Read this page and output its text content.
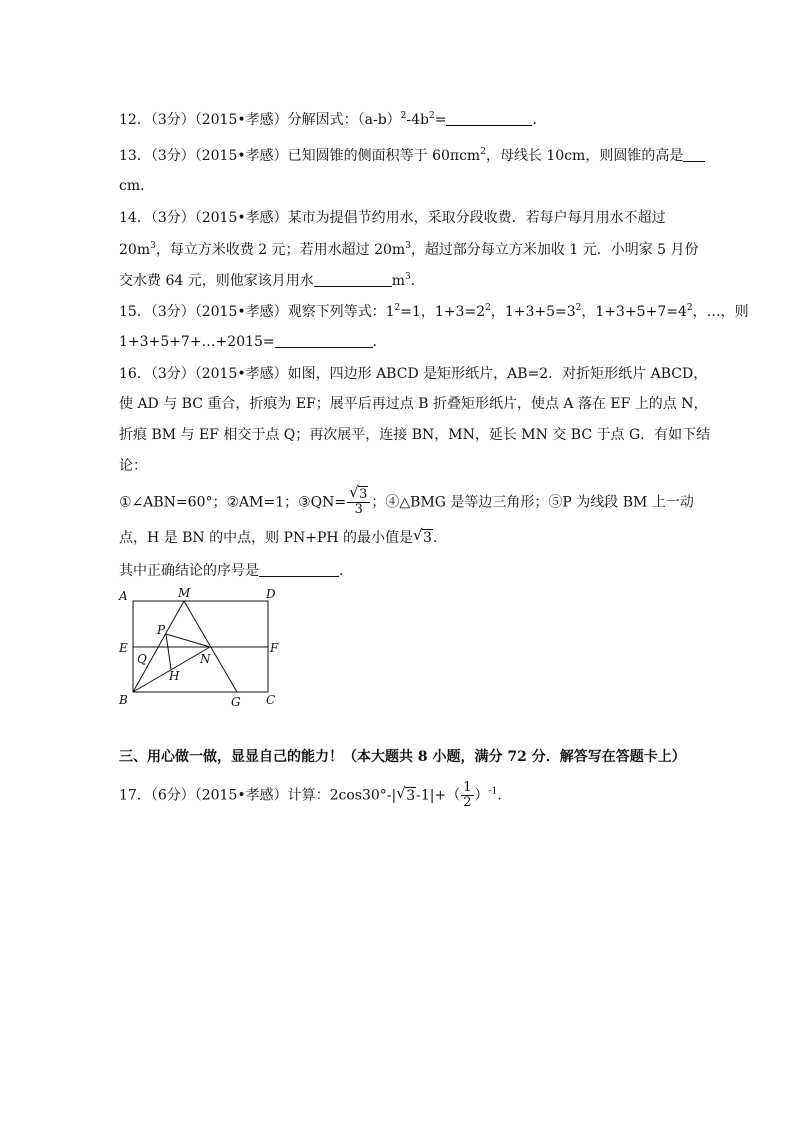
12．（3分）（2015•孝感）分解因式：$(a-b)^2-4b^2=$	．
13．（3分）（2015•孝感）已知圆锥的侧面积等于 60πcm$^2$，母线长 10cm，则圆锥的高是
cm．
14．（3分）（2015•孝感）某市为提倡节约用水，采取分段收费．若每户每月用水不超过
$20m^3$，每立方米收费 2 元；若用水超过 $20m^3$，超过部分每立方米加收 1 元．小明家 5 月份
交水费 64 元，则他家该月用水	$m^3$．
15．（3分）（2015•孝感）观察下列等式：$1^2=1$，$1+3=2^2$，$1+3+5=3^2$，$1+3+5+7=4^2$，…，则
1+3+5+7+…+2015=	．
16．（3分）（2015•孝感）如图，四边形 ABCD 是矩形纸片，AB=2．对折矩形纸片 ABCD，
使 AD 与 BC 重合，折痕为 EF；展平后再过点 B 折叠矩形纸片，使点 A 落在 EF 上的点 N，
折痕 BM 与 EF 相交于点 Q；再次展平，连接 BN，MN，延长 MN 交 BC 于点 G．有如下结
论：
①∠ABN=60°；②AM=1；③QN= $\frac{√ 3}{3}$ ；④△BMG 是等边三角形；⑤P 为线段 BM 上一动
点，H 是 BN 的中点，则 PN+PH 的最小值是 √ 3．
其中正确结论的序号是	．
A	M	D
P
E
Q	N
F
H
B	G C
三、用心做一做，显显自己的能力！（本大题共 8 小题，满分 72 分．解答写在答题卡上）
17．（6分）（2015•孝感）计算：2cos30°-| √ $3-1|+( \frac{1}{2} )^{-1}$．
